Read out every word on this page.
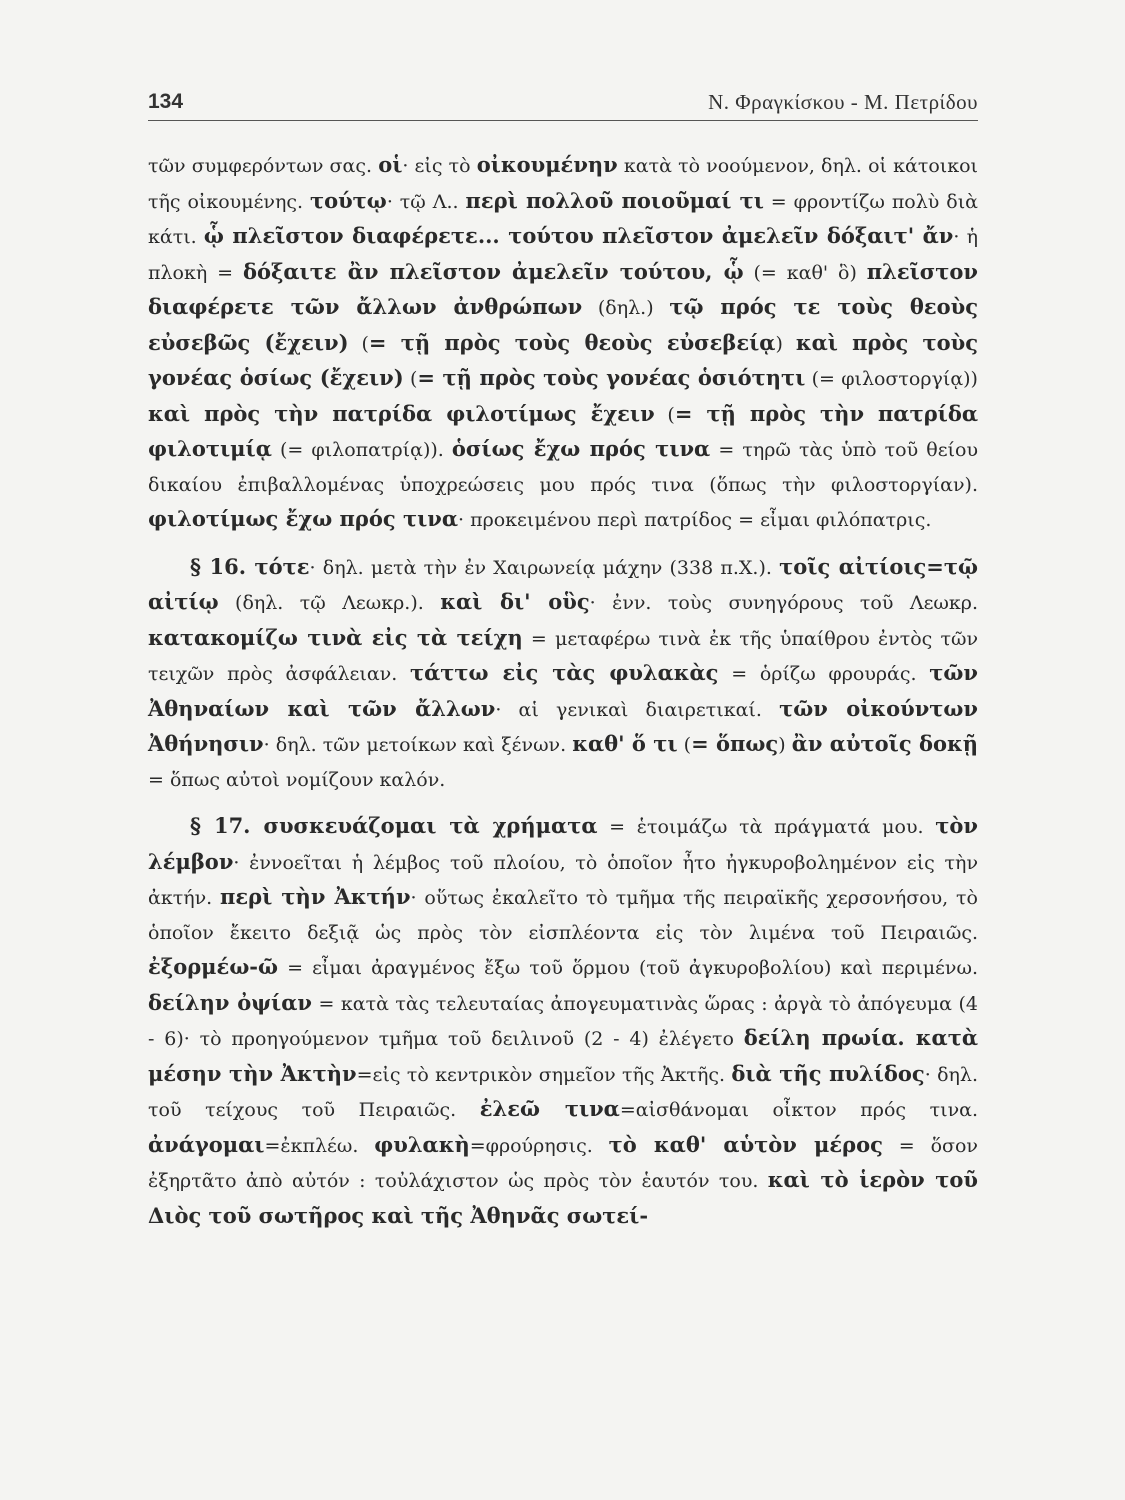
134	Ν. Φραγκίσκου - Μ. Πετρίδου

τῶν συμφερόντων σας. οἱ· εἰς τὸ οἰκουμένην κατὰ τὸ νοούμενον, δηλ. οἱ κάτοικοι τῆς οἰκουμένης. τούτῳ· τῷ Λ.. περὶ πολλοῦ ποιοῦμαί τι = φροντίζω πολὺ διὰ κάτι. ᾧ πλεῖστον διαφέρετε... τούτου πλεῖστον ἀμελεῖν δόξαιτ' ἄν· ἡ πλοκὴ = δόξαιτε ἂν πλεῖστον ἀμελεῖν τούτου, ᾧ (= καθ' ὃ) πλεῖστον διαφέρετε τῶν ἄλλων ἀνθρώπων (δηλ.) τῷ πρός τε τοὺς θεοὺς εὐσεβῶς (ἔχειν) (= τῇ πρὸς τοὺς θεοὺς εὐσεβείᾳ) καὶ πρὸς τοὺς γονέας ὁσίως (ἔχειν) (= τῇ πρὸς τοὺς γονέας ὁσιότητι (= φιλοστοργίᾳ)) καὶ πρὸς τὴν πατρίδα φιλοτίμως ἔχειν (= τῇ πρὸς τὴν πατρίδα φιλοτιμίᾳ (= φιλοπατρίᾳ)). ὁσίως ἔχω πρός τινα = τηρῶ τὰς ὑπὸ τοῦ θείου δικαίου ἐπιβαλλομένας ὑποχρεώσεις μου πρός τινα (ὅπως τὴν φιλοστοργίαν). φιλοτίμως ἔχω πρός τινα· προκειμένου περὶ πατρίδος = εἶμαι φιλόπατρις.

§ 16. τότε· δηλ. μετὰ τὴν ἐν Χαιρωνείᾳ μάχην (338 π.Χ.). τοῖς αἰτίοις=τῷ αἰτίῳ (δηλ. τῷ Λεωκρ.). καὶ δι' οὓς· ἐνν. τοὺς συνηγόρους τοῦ Λεωκρ. κατακομίζω τινὰ εἰς τὰ τείχη = μεταφέρω τινὰ ἐκ τῆς ὑπαίθρου ἐντὸς τῶν τειχῶν πρὸς ἀσφάλειαν. τάττω εἰς τὰς φυλακὰς = ὁρίζω φρουράς. τῶν Ἀθηναίων καὶ τῶν ἄλλων· αἱ γενικαὶ διαιρετικαί. τῶν οἰκούντων Ἀθήνησιν· δηλ. τῶν μετοίκων καὶ ξένων. καθ' ὅ τι (= ὅπως) ἂν αὐτοῖς δοκῇ = ὅπως αὐτοὶ νομίζουν καλόν.

§ 17. συσκευάζομαι τὰ χρήματα = ἑτοιμάζω τὰ πράγματά μου. τὸν λέμβον· ἐννοεῖται ἡ λέμβος τοῦ πλοίου, τὸ ὁποῖον ἦτο ἠγκυροβολημένον εἰς τὴν ἀκτήν. περὶ τὴν Ἀκτήν· οὕτως ἐκαλεῖτο τὸ τμῆμα τῆς πειραϊκῆς χερσονήσου, τὸ ὁποῖον ἔκειτο δεξιᾷ ὡς πρὸς τὸν εἰσπλέοντα εἰς τὸν λιμένα τοῦ Πειραιῶς. ἐξορμέω-ῶ = εἶμαι ἀραγμένος ἔξω τοῦ ὅρμου (τοῦ ἀγκυροβολίου) καὶ περιμένω. δείλην ὀψίαν = κατὰ τὰς τελευταίας ἀπογευματινὰς ὥρας : ἀργὰ τὸ ἀπόγευμα (4 - 6)· τὸ προηγούμενον τμῆμα τοῦ δειλινοῦ (2 - 4) ἐλέγετο δείλη πρωία. κατὰ μέσην τὴν Ἀκτὴν=εἰς τὸ κεντρικὸν σημεῖον τῆς Ἀκτῆς. διὰ τῆς πυλίδος· δηλ. τοῦ τείχους τοῦ Πειραιῶς. ἐλεῶ τινα=αἰσθάνομαι οἶκτον πρός τινα. ἀνάγομαι=ἐκπλέω. φυλακὴ=φρούρησις. τὸ καθ' αὑτὸν μέρος = ὅσον ἐξηρτᾶτο ἀπὸ αὐτόν : τοὐλάχιστον ὡς πρὸς τὸν ἑαυτόν του. καὶ τὸ ἱερὸν τοῦ Διὸς τοῦ σωτῆρος καὶ τῆς Ἀθηνᾶς σωτεί-
